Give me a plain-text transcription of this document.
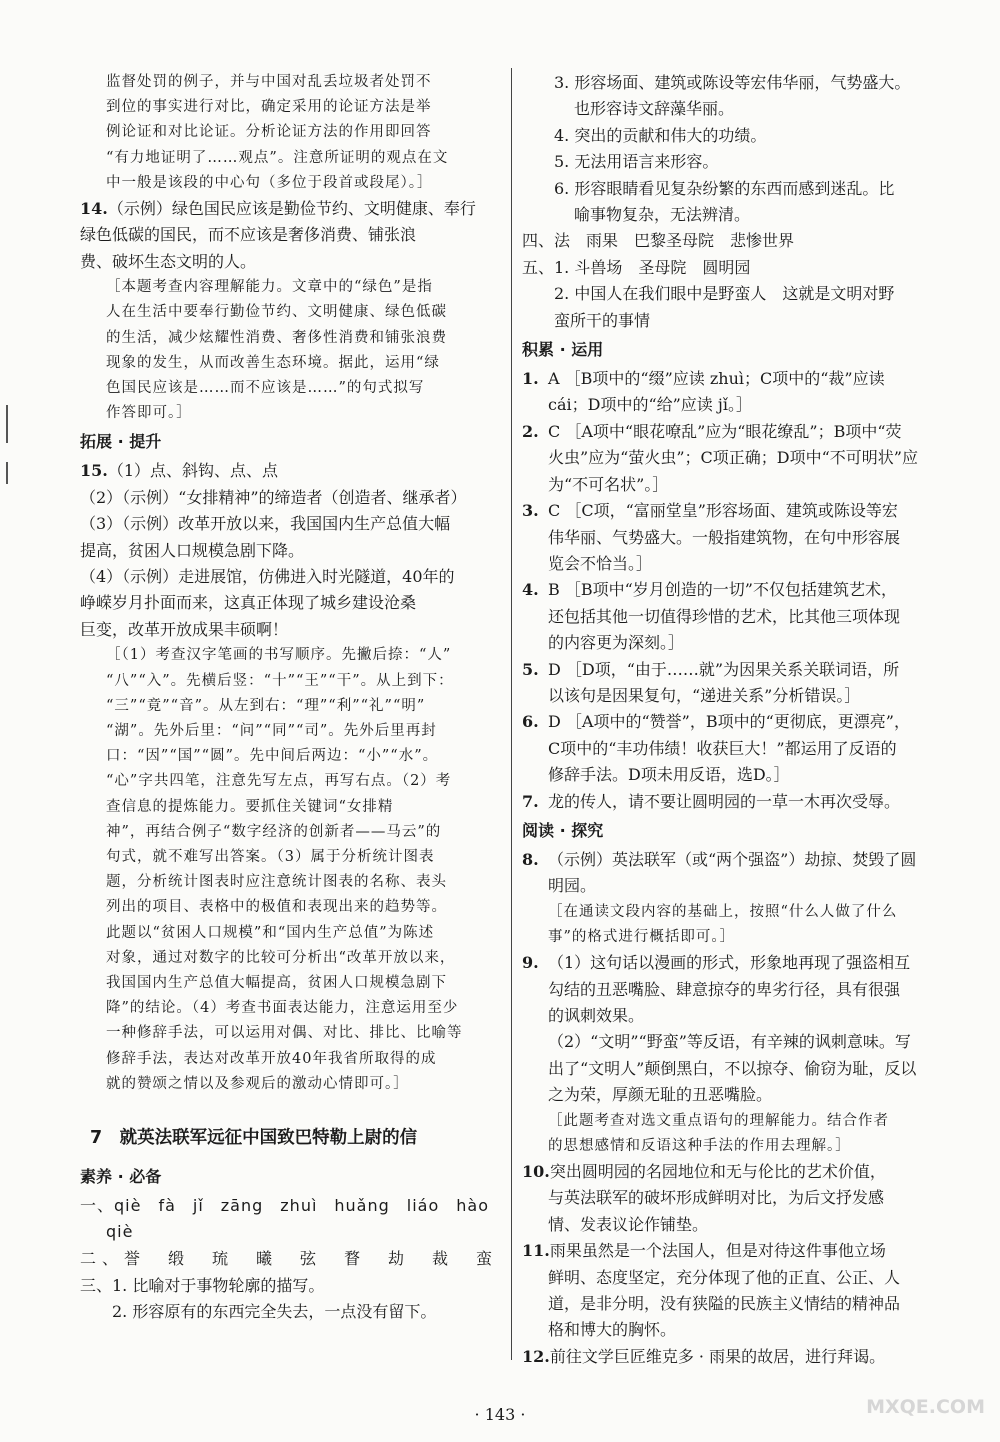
监督处罚的例子，并与中国对乱丢垃圾者处罚不
到位的事实进行对比，确定采用的论证方法是举
例论证和对比论证。分析论证方法的作用即回答
“有力地证明了……观点”。注意所证明的观点在文
中一般是该段的中心句（多位于段首或段尾）。］
14.（示例）绿色国民应该是勤俭节约、文明健康、奉行
绿色低碳的国民，而不应该是奢侈消费、铺张浪
费、破坏生态文明的人。
［本题考查内容理解能力。文章中的“绿色”是指
人在生活中要奉行勤俭节约、文明健康、绿色低碳
的生活，减少炫耀性消费、奢侈性消费和铺张浪费
现象的发生，从而改善生态环境。据此，运用“绿
色国民应该是……而不应该是……”的句式拟写
作答即可。］
拓展 · 提升
15.（1）点、斜钩、点、点
（2）（示例）“女排精神”的缔造者（创造者、继承者）
（3）（示例）改革开放以来，我国国内生产总值大幅
提高，贫困人口规模急剧下降。
（4）（示例）走进展馆，仿佛进入时光隧道，40年的
峥嵘岁月扑面而来，这真正体现了城乡建设沧桑
巨变，改革开放成果丰硕啊！
［（1）考查汉字笔画的书写顺序。先撇后捺：“人”
“八”“入”。先横后竖：“十”“王”“干”。从上到下：
“三”“竟”“音”。从左到右：“理”“利”“礼”“明”
“湖”。先外后里：“问”“同”“司”。先外后里再封
口：“因”“国”“圆”。先中间后两边：“小”“水”。
“心”字共四笔，注意先写左点，再写右点。（2）考
查信息的提炼能力。要抓住关键词“女排精
神”，再结合例子“数字经济的创新者——马云”的
句式，就不难写出答案。（3）属于分析统计图表
题，分析统计图表时应注意统计图表的名称、表头
列出的项目、表格中的极值和表现出来的趋势等。
此题以“贫困人口规模”和“国内生产总值”为陈述
对象，通过对数字的比较可分析出“改革开放以来，
我国国内生产总值大幅提高，贫困人口规模急剧下
降”的结论。（4）考查书面表达能力，注意运用至少
一种修辞手法，可以运用对偶、对比、排比、比喻等
修辞手法，表达对改革开放40年我省所取得的成
就的赞颂之情以及参观后的激动心情即可。］
7　就英法联军远征中国致巴特勒上尉的信
素养 · 必备
一、qiè　fà　jǐ　zāng　zhuì　huǎng　liáo　hào
qiè
二、誉　缎　琉　曦　弦　瞀　劫　裁　蛮
三、1. 比喻对于事物轮廓的描写。
2. 形容原有的东西完全失去，一点没有留下。
3. 形容场面、建筑或陈设等宏伟华丽，气势盛大。
也形容诗文辞藻华丽。
4. 突出的贡献和伟大的功绩。
5. 无法用语言来形容。
6. 形容眼睛看见复杂纷繁的东西而感到迷乱。比
喻事物复杂，无法辨清。
四、法　雨果　巴黎圣母院　悲惨世界
五、1. 斗兽场　圣母院　圆明园
2. 中国人在我们眼中是野蛮人　这就是文明对野
蛮所干的事情
积累 · 运用
1. A ［B项中的“缀”应读 zhuì；C项中的“裁”应读
cái；D项中的“给”应读 jǐ。］
2. C ［A项中“眼花嘹乱”应为“眼花缭乱”；B项中“荧
火虫”应为“萤火虫”；C项正确；D项中“不可明状”应
为“不可名状”。］
3. C ［C项，“富丽堂皇”形容场面、建筑或陈设等宏
伟华丽、气势盛大。一般指建筑物，在句中形容展
览会不恰当。］
4. B ［B项中“岁月创造的一切”不仅包括建筑艺术，
还包括其他一切值得珍惜的艺术，比其他三项体现
的内容更为深刻。］
5. D ［D项，“由于……就”为因果关系关联词语，所
以该句是因果复句，“递进关系”分析错误。］
6. D ［A项中的“赞誉”，B项中的“更彻底，更漂亮”，
C项中的“丰功伟绩！收获巨大！”都运用了反语的
修辞手法。D项未用反语，选D。］
7. 龙的传人，请不要让圆明园的一草一木再次受辱。
阅读 · 探究
8. （示例）英法联军（或“两个强盗”）劫掠、焚毁了圆
明园。
［在通读文段内容的基础上，按照“什么人做了什么
事”的格式进行概括即可。］
9. （1）这句话以漫画的形式，形象地再现了强盗相互
勾结的丑恶嘴脸、肆意掠夺的卑劣行径，具有很强
的讽刺效果。
（2）“文明”“野蛮”等反语，有辛辣的讽刺意味。写
出了“文明人”颠倒黑白，不以掠夺、偷窃为耻，反以
之为荣，厚颜无耻的丑恶嘴脸。
［此题考查对选文重点语句的理解能力。结合作者
的思想感情和反语这种手法的作用去理解。］
10.突出圆明园的名园地位和无与伦比的艺术价值，
与英法联军的破坏形成鲜明对比，为后文抒发感
情、发表议论作铺垫。
11.雨果虽然是一个法国人，但是对待这件事他立场
鲜明、态度坚定，充分体现了他的正直、公正、人
道，是非分明，没有狭隘的民族主义情结的精神品
格和博大的胸怀。
12.前往文学巨匠维克多 · 雨果的故居，进行拜谒。
· 143 ·	MXQE.COM
